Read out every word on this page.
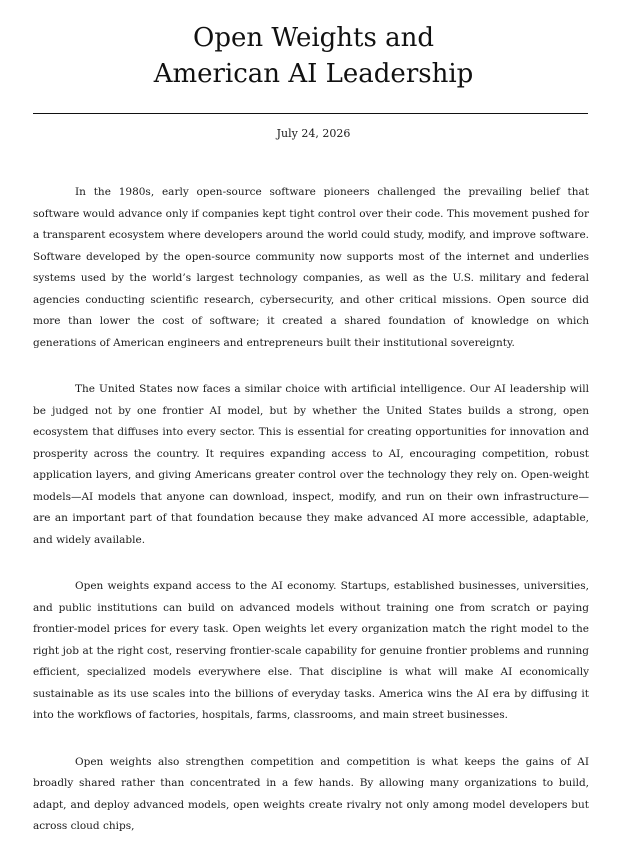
Open Weights and
American AI Leadership
July 24, 2026

In the 1980s, early open-source software pioneers challenged the prevailing belief that software would advance only if companies kept tight control over their code. This movement pushed for a transparent ecosystem where developers around the world could study, modify, and improve software. Software developed by the open-source community now supports most of the internet and underlies systems used by the world’s largest technology companies, as well as the U.S. military and federal agencies conducting scientific research, cybersecurity, and other critical missions. Open source did more than lower the cost of software; it created a shared foundation of knowledge on which generations of American engineers and entrepreneurs built their institutional sovereignty.

The United States now faces a similar choice with artificial intelligence. Our AI leadership will be judged not by one frontier AI model, but by whether the United States builds a strong, open ecosystem that diffuses into every sector. This is essential for creating opportunities for innovation and prosperity across the country. It requires expanding access to AI, encouraging competition, robust application layers, and giving Americans greater control over the technology they rely on. Open-weight models—AI models that anyone can download, inspect, modify, and run on their own infrastructure—are an important part of that foundation because they make advanced AI more accessible, adaptable, and widely available.

Open weights expand access to the AI economy. Startups, established businesses, universities, and public institutions can build on advanced models without training one from scratch or paying frontier-model prices for every task. Open weights let every organization match the right model to the right job at the right cost, reserving frontier-scale capability for genuine frontier problems and running efficient, specialized models everywhere else. That discipline is what will make AI economically sustainable as its use scales into the billions of everyday tasks. America wins the AI era by diffusing it into the workflows of factories, hospitals, farms, classrooms, and main street businesses.

Open weights also strengthen competition and competition is what keeps the gains of AI broadly shared rather than concentrated in a few hands. By allowing many organizations to build, adapt, and deploy advanced models, open weights create rivalry not only among model developers but across cloud chips,
